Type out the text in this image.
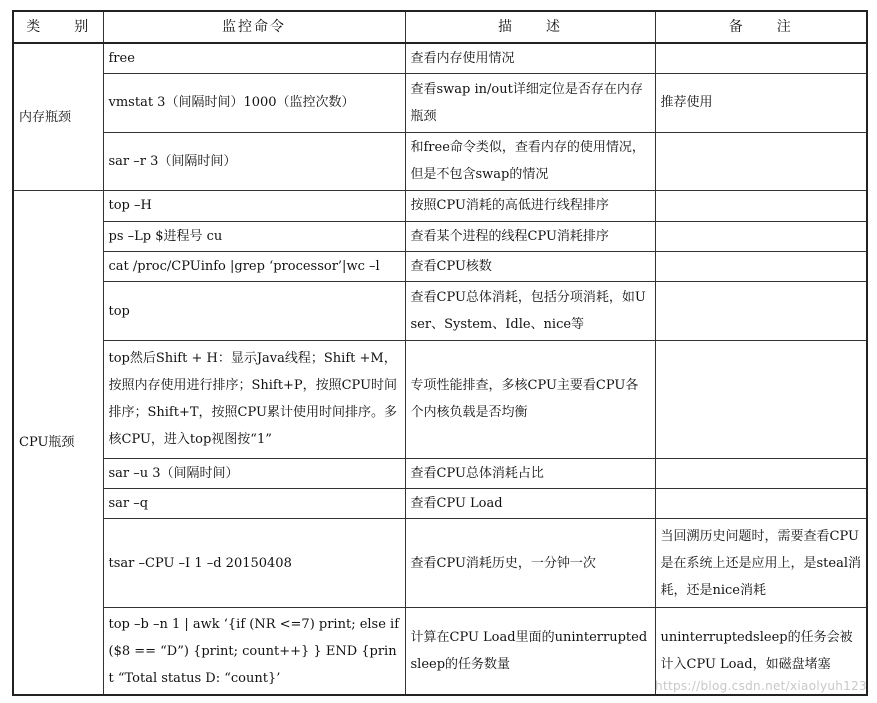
类　　别	监控命令	描　　述	备　　注
内存瓶颈	free	查看内存使用情况	

	vmstat 3（间隔时间）1000（监控次数）	查看swap in/out详细定位是否存在内存瓶颈	推荐使用

	sar –r 3（间隔时间）	和free命令类似，查看内存的使用情况，但是不包含swap的情况	

CPU瓶颈	top –H	按照CPU消耗的高低进行线程排序	

	ps –Lp $进程号 cu	查看某个进程的线程CPU消耗排序	

	cat /proc/CPUinfo |grep ‘processor’|wc –l	查看CPU核数	

	top	查看CPU总体消耗，包括分项消耗，如User、System、Idle、nice等	

	top然后Shift + H：显示Java线程；Shift +M，按照内存使用进行排序；Shift+P，按照CPU时间排序；Shift+T，按照CPU累计使用时间排序。多核CPU，进入top视图按“1”	专项性能排查，多核CPU主要看CPU各个内核负载是否均衡	

	sar –u 3（间隔时间）	查看CPU总体消耗占比	

	sar –q	查看CPU Load	

	tsar –CPU –I 1 –d 20150408	查看CPU消耗历史，一分钟一次	当回溯历史问题时，需要查看CPU是在系统上还是应用上，是steal消耗，还是nice消耗

	top –b –n 1 | awk ‘{if (NR <=7) print; else if ($8 == “D”) {print; count++} } END {print “Total status D: “count}’	计算在CPU Load里面的uninterruptedsleep的任务数量	uninterruptedsleep的任务会被计入CPU Load，如磁盘堵塞
https://blog.csdn.net/xiaolyuh123
